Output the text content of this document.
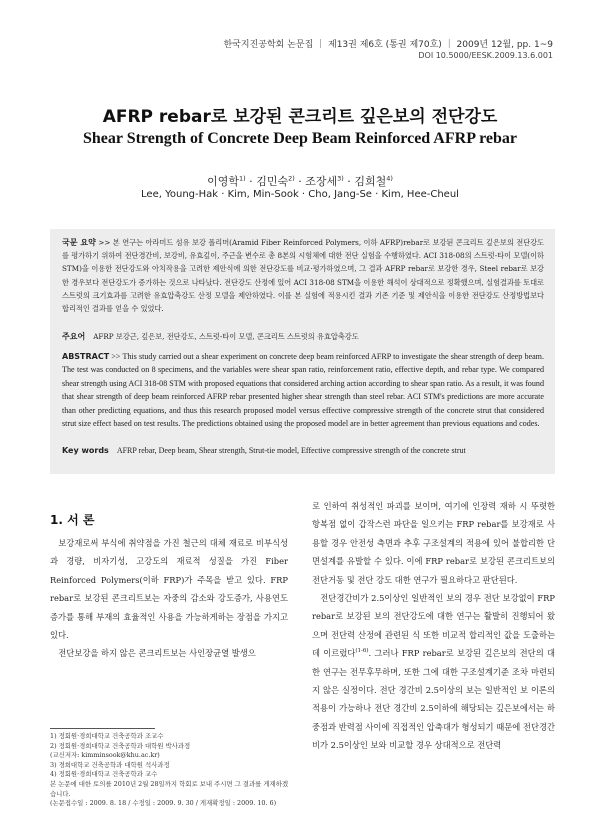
한국지진공학회 논문집 ｜ 제13권 제6호 (통권 제70호) ｜ 2009년 12월, pp. 1~9
DOI 10.5000/EESK.2009.13.6.001
AFRP rebar로 보강된 콘크리트 깊은보의 전단강도
Shear Strength of Concrete Deep Beam Reinforced AFRP rebar
이영학$^{1)}$ · 김민숙$^{2)}$ · 조장세$^{3)}$ · 김희철$^{4)}$
Lee, Young-Hak · Kim, Min-Sook · Cho, Jang-Se · Kim, Hee-Cheul
국문 요약 >> 본 연구는 아라미드 섬유 보강 폴리머(Aramid Fiber Reinforced Polymers, 이하 AFRP)rebar로 보강된 콘크리트 깊은보의 전단강도를 평가하기 위하여 전단경간비, 보강비, 유효깊이, 주근을 변수로 총 8본의 시험체에 대한 전단 실험을 수행하였다. ACI 318-08의 스트럿-타이 모델(이하 STM)을 이용한 전단강도와 아치작용을 고려한 제안식에 의한 전단강도를 비교·평가하였으며, 그 결과 AFRP rebar로 보강한 경우, Steel rebar로 보강한 경우보다 전단강도가 증가하는 것으로 나타났다. 전단강도 산정에 있어 ACI 318-08 STM을 이용한 해석이 상대적으로 정확했으며, 실험결과를 토대로 스트럿의 크기효과를 고려한 유효압축강도 산정 모델을 제안하였다. 이를 본 실험에 적용시킨 결과 기존 기준 및 제안식을 이용한 전단강도 산정방법보다 합리적인 결과를 얻을 수 있었다.
주요어 AFRP 보강근, 깊은보, 전단강도, 스트럿-타이 모델, 콘크리트 스트럿의 유효압축강도
ABSTRACT >> This study carried out a shear experiment on concrete deep beam reinforced AFRP to investigate the shear strength of deep beam. The test was conducted on 8 specimens, and the variables were shear span ratio, reinforcement ratio, effective depth, and rebar type. We compared shear strength using ACI 318-08 STM with proposed equations that considered arching action according to shear span ratio. As a result, it was found that shear strength of deep beam reinforced AFRP rebar presented higher shear strength than steel rebar. ACI STM's predictions are more accurate than other predicting equations, and thus this research proposed model versus effective compressive strength of the concrete strut that considered strut size effect based on test results. The predictions obtained using the proposed model are in better agreement than previous equations and codes.
Key words AFRP rebar, Deep beam, Shear strength, Strut-tie model, Effective compressive strength of the concrete strut
1. 서 론

보강재로써 부식에 취약점을 가진 철근의 대체 재료로 비부식성과 경량, 비자기성, 고강도의 재료적 성질을 가진 Fiber Reinforced Polymers(이하 FRP)가 주목을 받고 있다. FRP rebar로 보강된 콘크리트보는 자중의 감소와 강도증가, 사용연도증가를 통해 부재의 효율적인 사용을 가능하게하는 장점을 가지고 있다.

전단보강을 하지 않은 콘크리트보는 사인장균열 발생으

로 인하여 취성적인 파괴를 보이며, 여기에 인장력 재하 시 뚜렷한 항복점 없이 갑작스런 파단을 일으키는 FRP rebar를 보강재로 사용할 경우 안전성 측면과 추후 구조설계의 적용에 있어 불합리한 단면설계를 유발할 수 있다. 이에 FRP rebar로 보강된 콘크리트보의 전단거동 및 전단 강도 대한 연구가 필요하다고 판단된다.

전단경간비가 2.5이상인 일반적인 보의 경우 전단 보강없이 FRP rebar로 보강된 보의 전단강도에 대한 연구는 활발히 진행되어 왔으며 전단력 산정에 관련된 식 또한 비교적 합리적인 값을 도출하는데 이르렀다$^{(1-6)}$. 그러나 FRP rebar로 보강된 깊은보의 전단의 대한 연구는 전무후무하며, 또한 그에 대한 구조설계기준 조차 마련되지 않은 실정이다. 전단 경간비 2.5이상의 보는 일반적인 보 이론의 적용이 가능하나 전단 경간비 2.5이하에 해당되는 깊은보에서는 하중점과 반력점 사이에 직접적인 압축대가 형성되기 때문에 전단경간비가 2.5이상인 보와 비교할 경우 상대적으로 전단력

1) 정회원·경희대학교 건축공학과 조교수
2) 정회원·경희대학교 건축공학과 대학원 박사과정
(교신저자: kimminsook@khu.ac.kr)
3) 경희대학교 건축공학과 대학원 석사과정
4) 정회원·경희대학교 건축공학과 교수
본 논문에 대한 토의를 2010년 2월 28일까지 학회로 보내 주시면 그 결과를 게재하겠습니다.
(논문접수일 : 2009. 8. 18 / 수정일 : 2009. 9. 30 / 게재확정일 : 2009. 10. 6)
